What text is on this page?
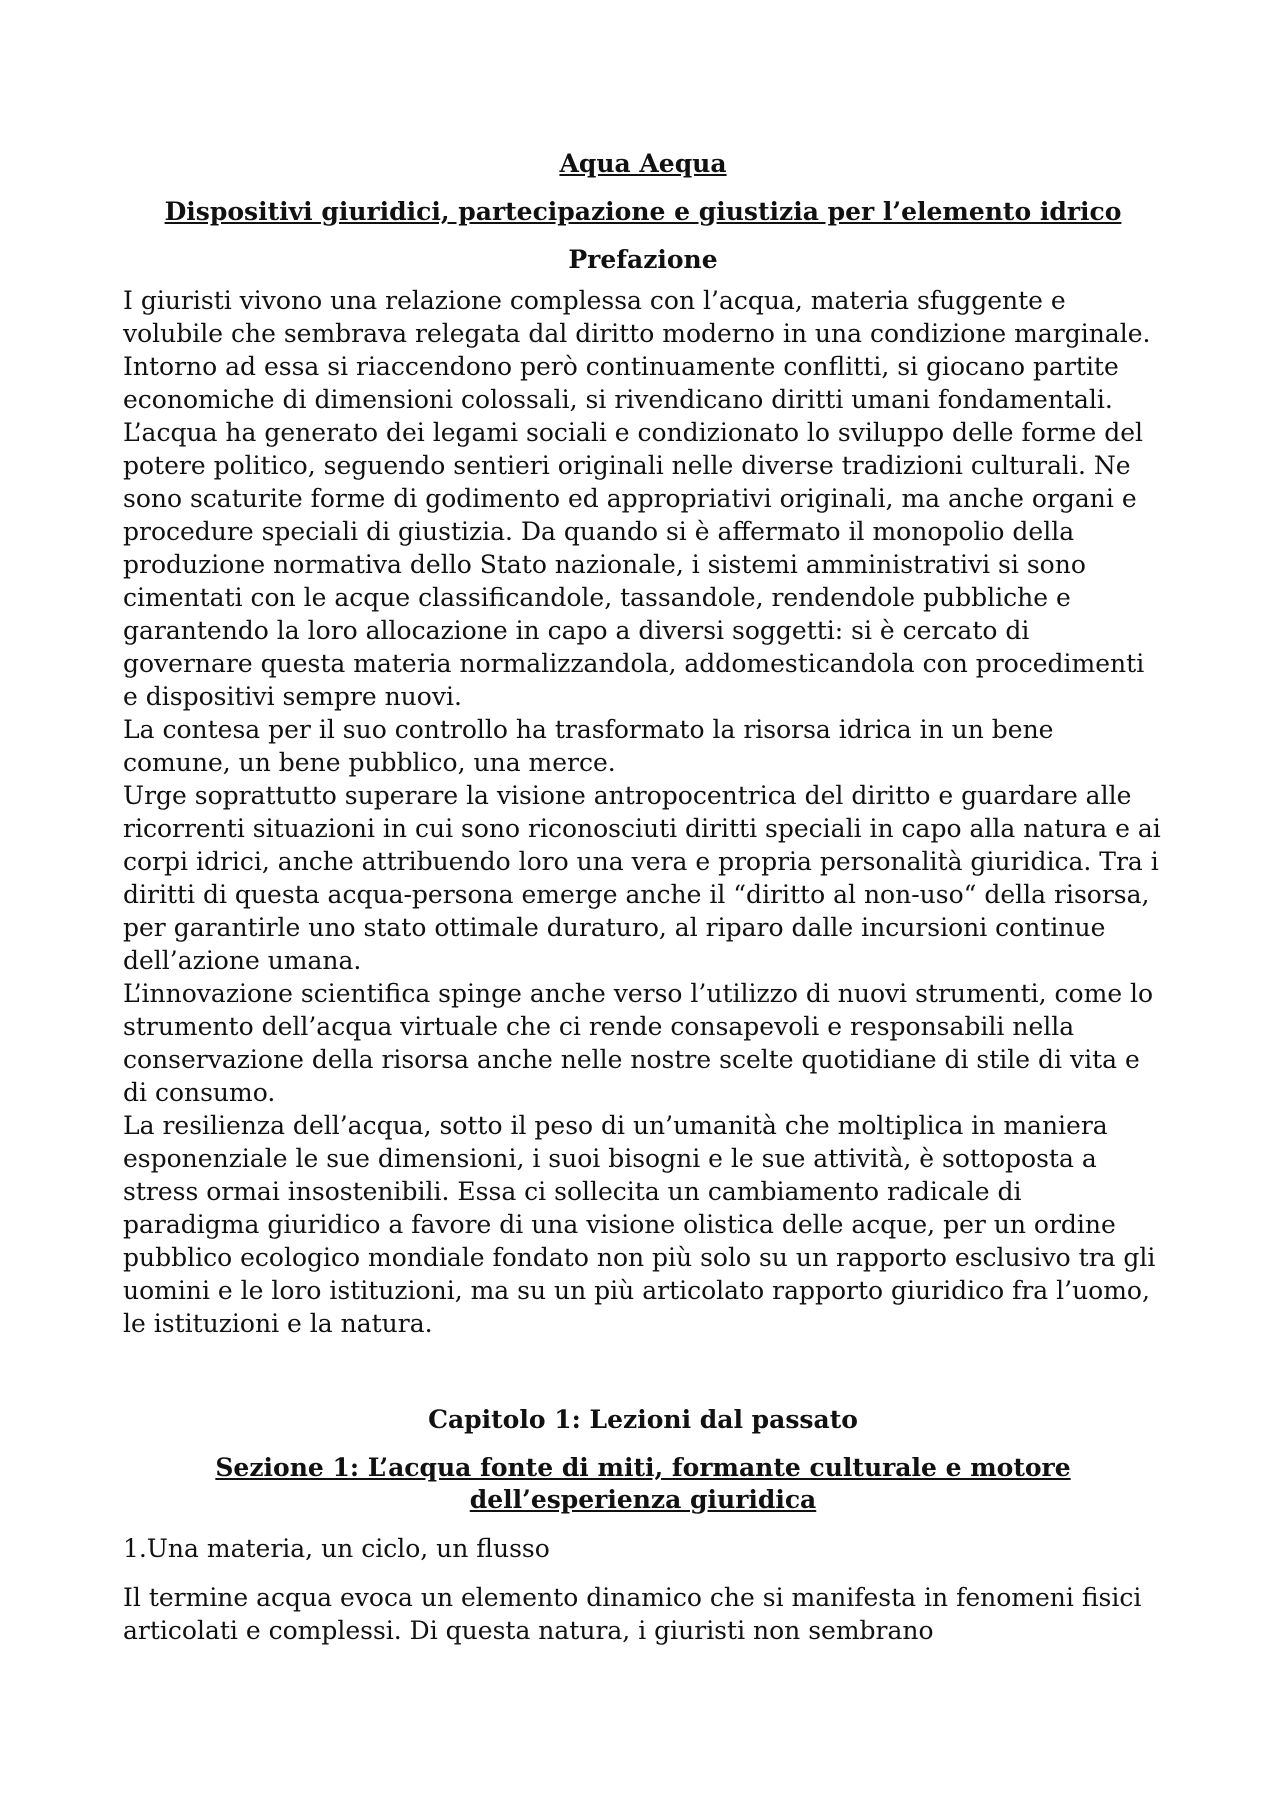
Aqua Aequa
Dispositivi giuridici, partecipazione e giustizia per l’elemento idrico
Prefazione

I giuristi vivono una relazione complessa con l’acqua, materia sfuggente e volubile che sembrava relegata dal diritto moderno in una condizione marginale. Intorno ad essa si riaccendono però continuamente conflitti, si giocano partite economiche di dimensioni colossali, si rivendicano diritti umani fondamentali. L’acqua ha generato dei legami sociali e condizionato lo sviluppo delle forme del potere politico, seguendo sentieri originali nelle diverse tradizioni culturali. Ne sono scaturite forme di godimento ed appropriativi originali, ma anche organi e procedure speciali di giustizia. Da quando si è affermato il monopolio della produzione normativa dello Stato nazionale, i sistemi amministrativi si sono cimentati con le acque classificandole, tassandole, rendendole pubbliche e garantendo la loro allocazione in capo a diversi soggetti: si è cercato di governare questa materia normalizzandola, addomesticandola con procedimenti e dispositivi sempre nuovi.

La contesa per il suo controllo ha trasformato la risorsa idrica in un bene comune, un bene pubblico, una merce.

Urge soprattutto superare la visione antropocentrica del diritto e guardare alle ricorrenti situazioni in cui sono riconosciuti diritti speciali in capo alla natura e ai corpi idrici, anche attribuendo loro una vera e propria personalità giuridica. Tra i diritti di questa acqua-persona emerge anche il “diritto al non-uso“ della risorsa, per garantirle uno stato ottimale duraturo, al riparo dalle incursioni continue dell’azione umana.

L’innovazione scientifica spinge anche verso l’utilizzo di nuovi strumenti, come lo strumento dell’acqua virtuale che ci rende consapevoli e responsabili nella conservazione della risorsa anche nelle nostre scelte quotidiane di stile di vita e di consumo.

La resilienza dell’acqua, sotto il peso di un’umanità che moltiplica in maniera esponenziale le sue dimensioni, i suoi bisogni e le sue attività, è sottoposta a stress ormai insostenibili. Essa ci sollecita un cambiamento radicale di paradigma giuridico a favore di una visione olistica delle acque, per un ordine pubblico ecologico mondiale fondato non più solo su un rapporto esclusivo tra gli uomini e le loro istituzioni, ma su un più articolato rapporto giuridico fra l’uomo, le istituzioni e la natura.

Capitolo 1: Lezioni dal passato
Sezione 1: L’acqua fonte di miti, formante culturale e motore
dell’esperienza giuridica

1.Una materia, un ciclo, un flusso

Il termine acqua evoca un elemento dinamico che si manifesta in fenomeni fisici articolati e complessi. Di questa natura, i giuristi non sembrano
